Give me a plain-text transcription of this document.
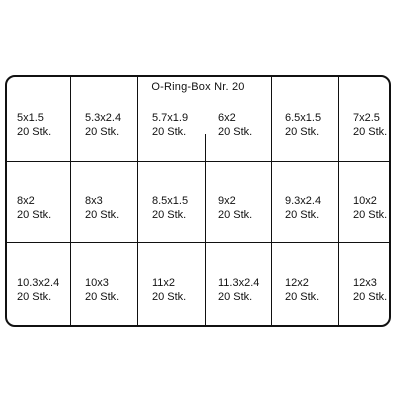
O-Ring-Box Nr. 20
5x1.5
20 Stk.
5.3x2.4
20 Stk.
5.7x1.9
20 Stk.
6x2
20 Stk.
6.5x1.5
20 Stk.
7x2.5
20 Stk.
8x2
20 Stk.
8x3
20 Stk.
8.5x1.5
20 Stk.
9x2
20 Stk.
9.3x2.4
20 Stk.
10x2
20 Stk.
10.3x2.4
20 Stk.
10x3
20 Stk.
11x2
20 Stk.
11.3x2.4
20 Stk.
12x2
20 Stk.
12x3
20 Stk.
